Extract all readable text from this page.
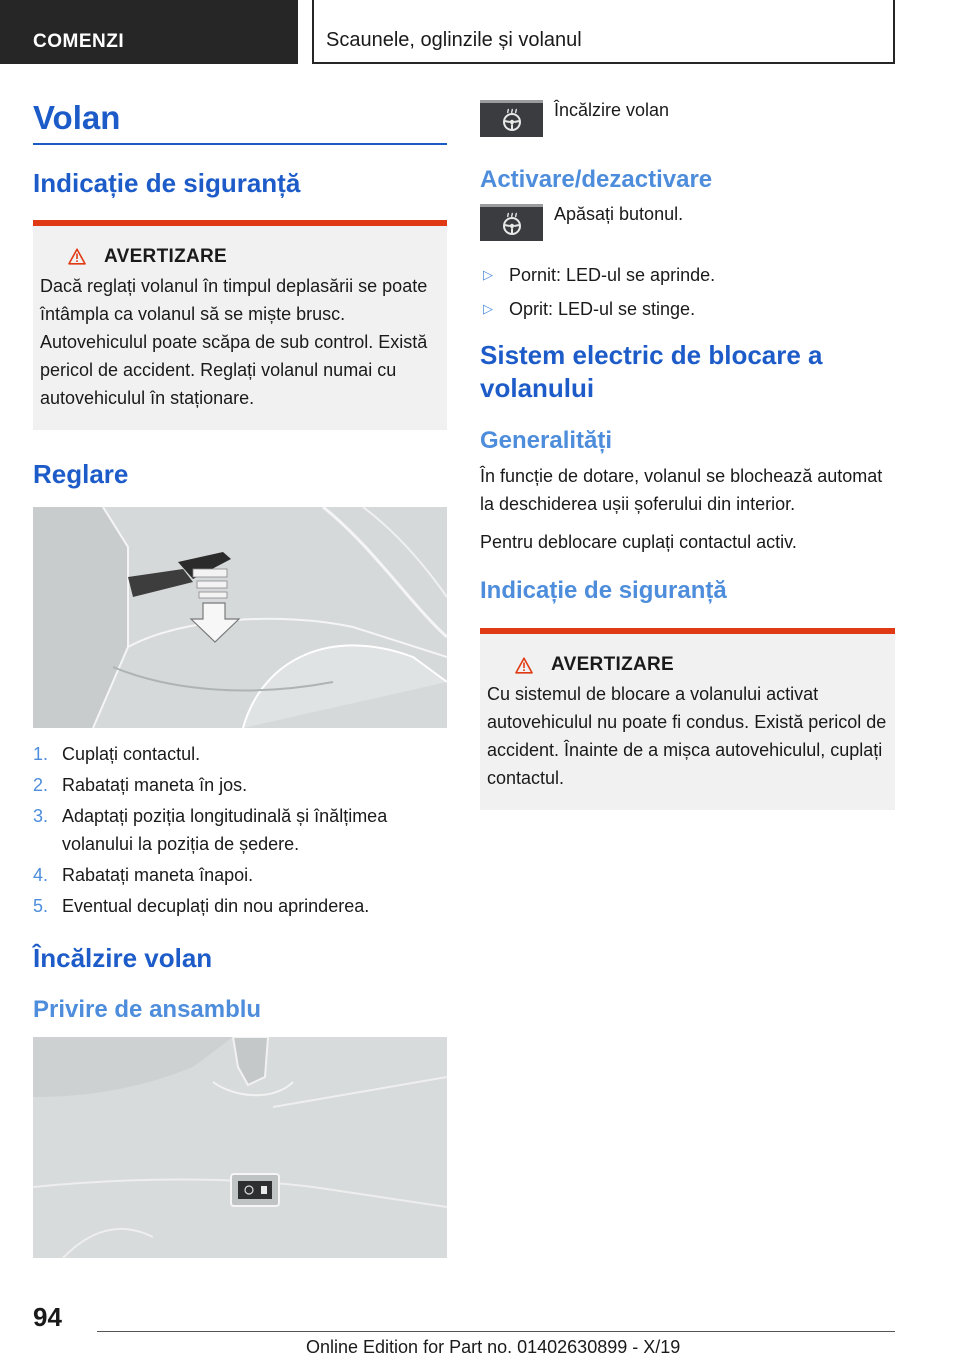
COMENZI	Scaunele, oglinzile și volanul
Volan
Indicație de siguranță
AVERTIZARE
Dacă reglați volanul în timpul deplasării se poate întâmpla ca volanul să se miște brusc. Autovehiculul poate scăpa de sub control. Există pericol de accident. Reglați volanul numai cu autovehiculul în staționare.
Reglare
1. Cuplați contactul.
2. Rabatați maneta în jos.
3. Adaptați poziția longitudinală și înălțimea volanului la poziția de ședere.
4. Rabatați maneta înapoi.
5. Eventual decuplați din nou aprinderea.
Încălzire volan
Privire de ansamblu
Încălzire volan
Activare/dezactivare
Apăsați butonul.
▷ Pornit: LED-ul se aprinde.
▷ Oprit: LED-ul se stinge.
Sistem electric de blocare a volanului
Generalități
În funcție de dotare, volanul se blochează automat la deschiderea ușii șoferului din interior.
Pentru deblocare cuplați contactul activ.
Indicație de siguranță
AVERTIZARE
Cu sistemul de blocare a volanului activat autovehiculul nu poate fi condus. Există pericol de accident. Înainte de a mișca autovehiculul, cuplați contactul.
94
Online Edition for Part no. 01402630899 - X/19
